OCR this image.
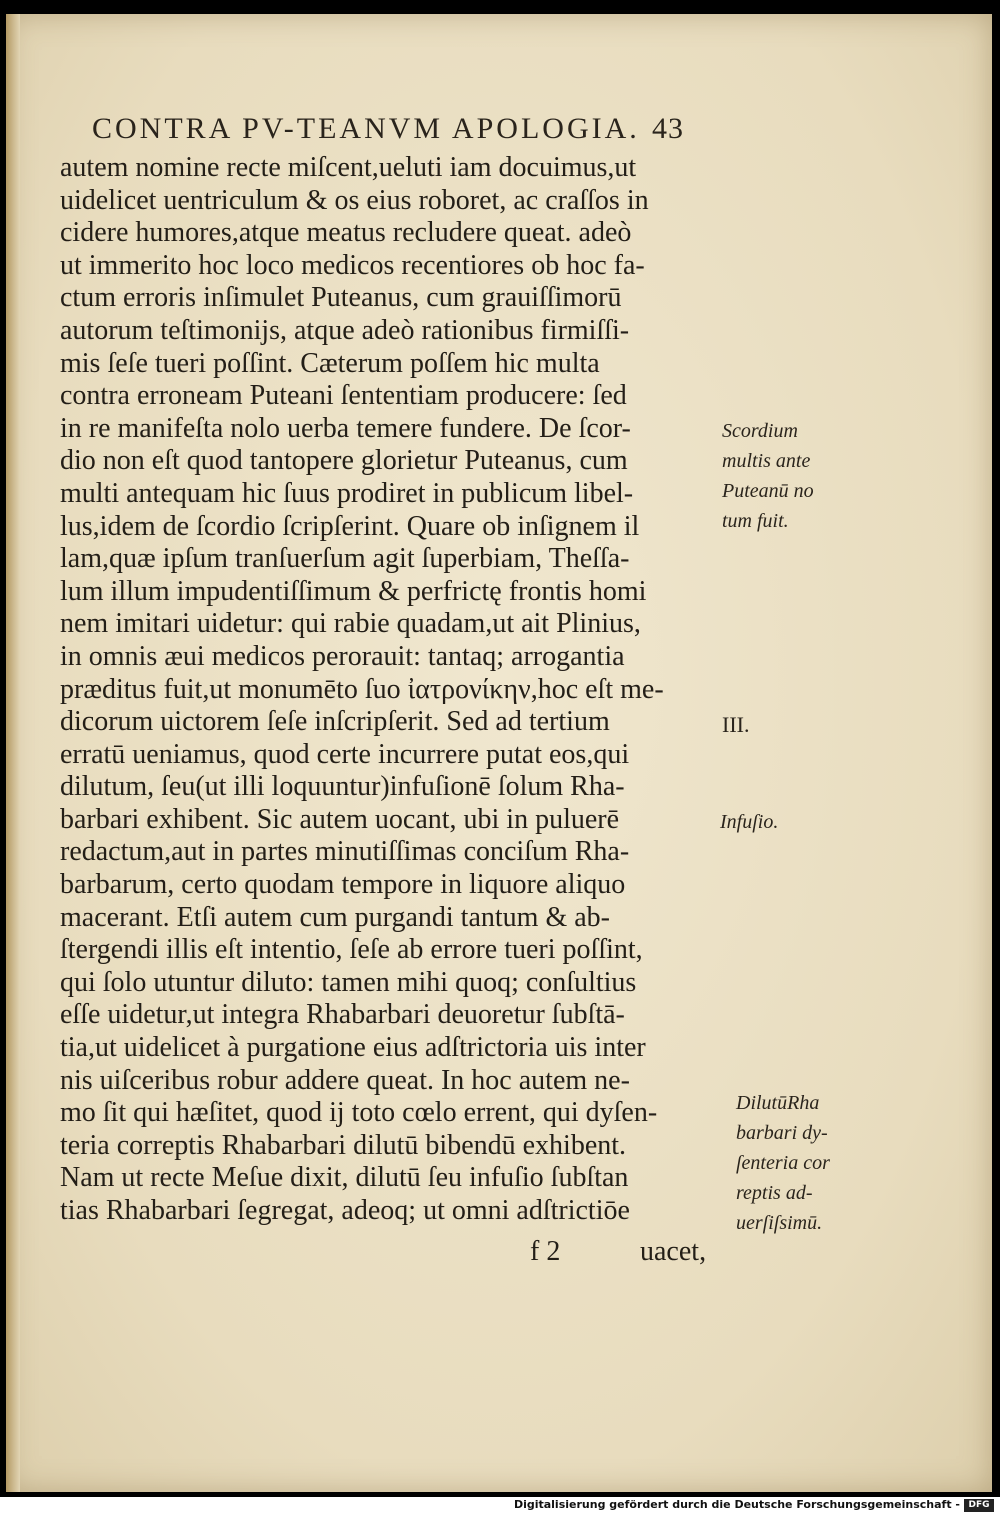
CONTRA PV-TEANVM APOLOGIA. 43
autem nomine recte miſcent,ueluti iam docuimus,ut
uidelicet uentriculum & os eius roboret, ac craſſos in
cidere humores,atque meatus recludere queat. adeò
ut immerito hoc loco medicos recentiores ob hoc fa-
ctum erroris inſimulet Puteanus, cum grauiſſimorū
autorum teſtimonĳs, atque adeò rationibus firmiſſi-
mis ſeſe tueri poſſint. Cæterum poſſem hic multa
contra erroneam Puteani ſententiam producere: ſed
in re manifeſta nolo uerba temere fundere. De ſcor-
dio non eſt quod tantopere glorietur Puteanus, cum
multi antequam hic ſuus prodiret in publicum libel-
lus,idem de ſcordio ſcripſerint. Quare ob inſignem il
lam,quæ ipſum tranſuerſum agit ſuperbiam, Theſſa-
lum illum impudentiſſimum & perfrictę frontis homi
nem imitari uidetur: qui rabie quadam,ut ait Plinius,
in omnis æui medicos perorauit: tantaq; arrogantia
præditus fuit,ut monumēto ſuo ἰατρονίκην,hoc eſt me-
dicorum uictorem ſeſe inſcripſerit. Sed ad tertium
erratū ueniamus, quod certe incurrere putat eos,qui
dilutum, ſeu(ut illi loquuntur)infuſionē ſolum Rha-
barbari exhibent. Sic autem uocant, ubi in puluerē
redactum,aut in partes minutiſſimas conciſum Rha-
barbarum, certo quodam tempore in liquore aliquo
macerant. Etſi autem cum purgandi tantum & ab-
ſtergendi illis eſt intentio, ſeſe ab errore tueri poſſint,
qui ſolo utuntur diluto: tamen mihi quoq; conſultius
eſſe uidetur,ut integra Rhabarbari deuoretur ſubſtā-
tia,ut uidelicet à purgatione eius adſtrictoria uis inter
nis uiſceribus robur addere queat. In hoc autem ne-
mo ſit qui hæſitet, quod ĳ toto cœlo errent, qui dyſen-
teria correptis Rhabarbari dilutū bibendū exhibent.
Nam ut recte Meſue dixit, dilutū ſeu infuſio ſubſtan
tias Rhabarbari ſegregat, adeoq; ut omni adſtrictiōe
f 2	uacet,
Scordium
multis ante
Puteanū no
tum fuit.
III.
Infuſio.
DilutūRha
barbari dy-
ſenteria cor
reptis ad-
uerſiſsimū.
Digitalisierung gefördert durch die Deutsche Forschungsgemeinschaft - DFG
